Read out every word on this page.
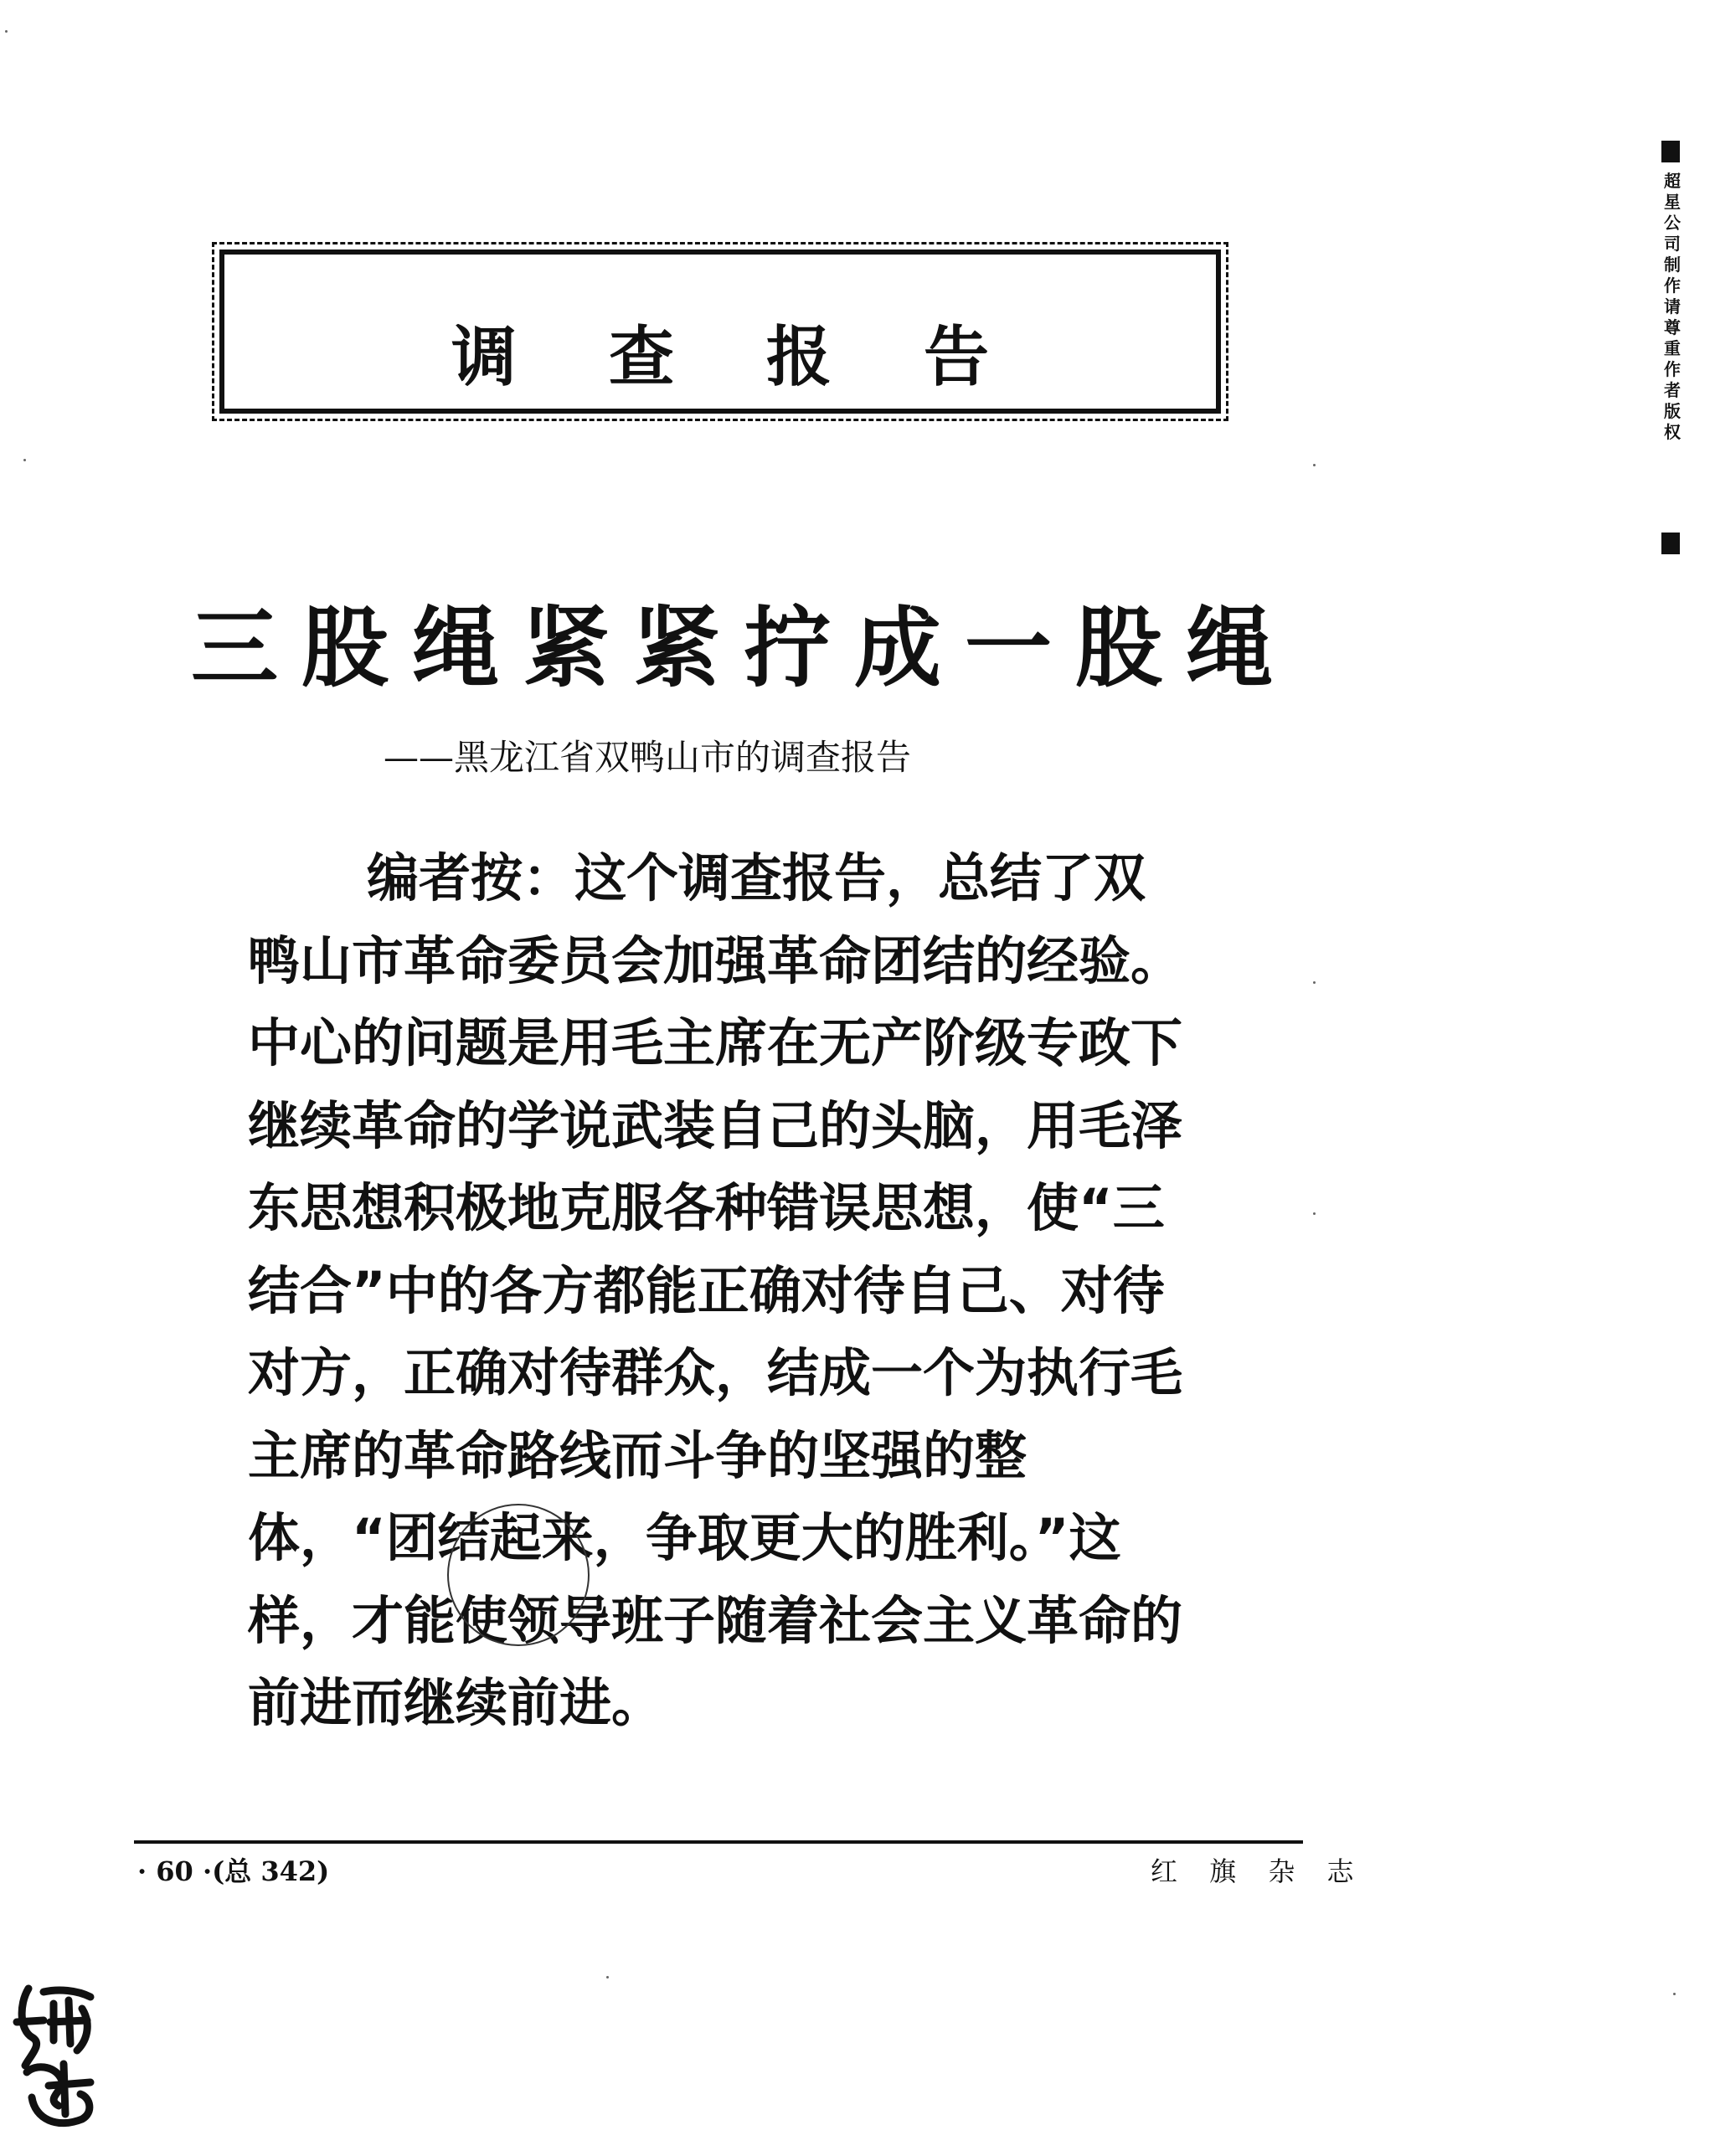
超星公司制作 请尊重作者版权
调查报告
三股绳紧紧拧成一股绳
——黑龙江省双鸭山市的调查报告
编者按：这个调查报告，总结了双鸭山市革命委员会加强革命团结的经验。中心的问题是用毛主席在无产阶级专政下继续革命的学说武装自己的头脑，用毛泽东思想积极地克服各种错误思想，使“三结合”中的各方都能正确对待自己、对待对方，正确对待群众，结成一个为执行毛主席的革命路线而斗争的坚强的整体，“团结起来，争取更大的胜利。”这样，才能使领导班子随着社会主义革命的前进而继续前进。
· 60 ·(总 342)	红 旗 杂 志
